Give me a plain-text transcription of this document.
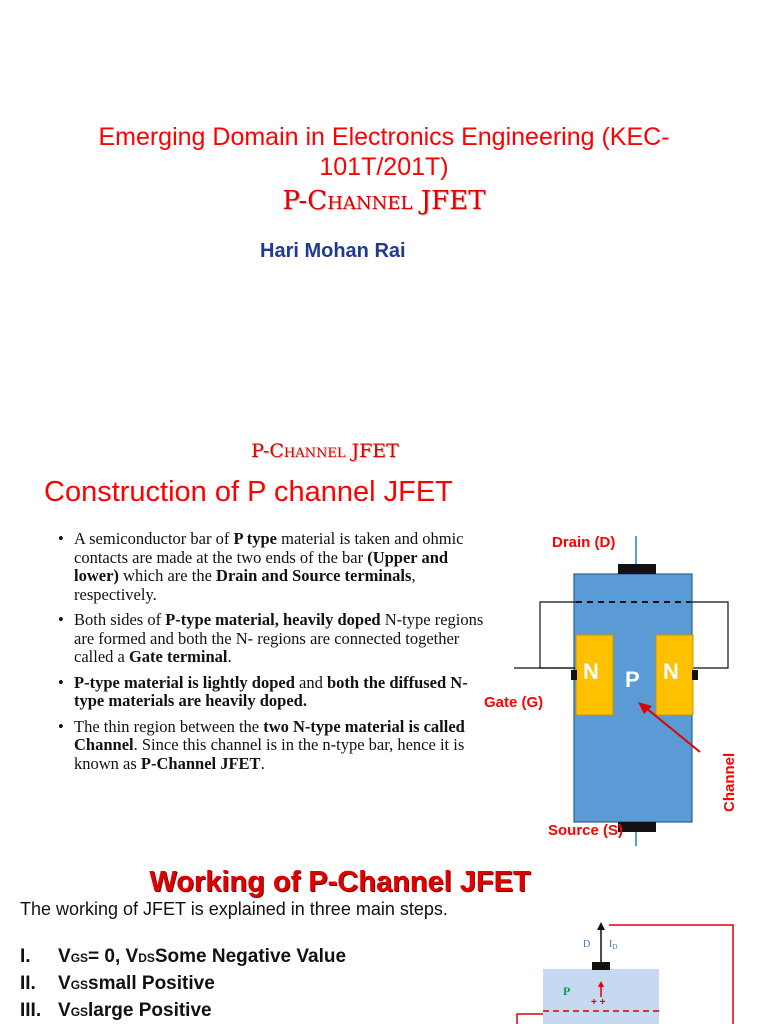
Emerging Domain in Electronics Engineering (KEC-
101T/201T)
P-Channel JFET
Hari Mohan Rai
P-Channel JFET
Construction of P channel JFET
• A semiconductor bar of P type material is taken and ohmic contacts are made at the two ends of the bar (Upper and lower) which are the Drain and Source terminals, respectively.
• Both sides of P-type material, heavily doped N-type regions are formed and both the N- regions are connected together called a Gate terminal.
• P-type material is lightly doped and both the diffused N-type materials are heavily doped.
• The thin region between the two N-type material is called Channel. Since this channel is in the n-type bar, hence it is known as P-Channel JFET.
Drain (D)
Source (S)
Gate (G)
N	N
P
Channel
Working of P-Channel JFET
The working of JFET is explained in three main steps.
I.	V GS = 0, V DS Some Negative Value
II.	V GS small Positive
III. V GS large Positive
D $I_D$
P
+ +
